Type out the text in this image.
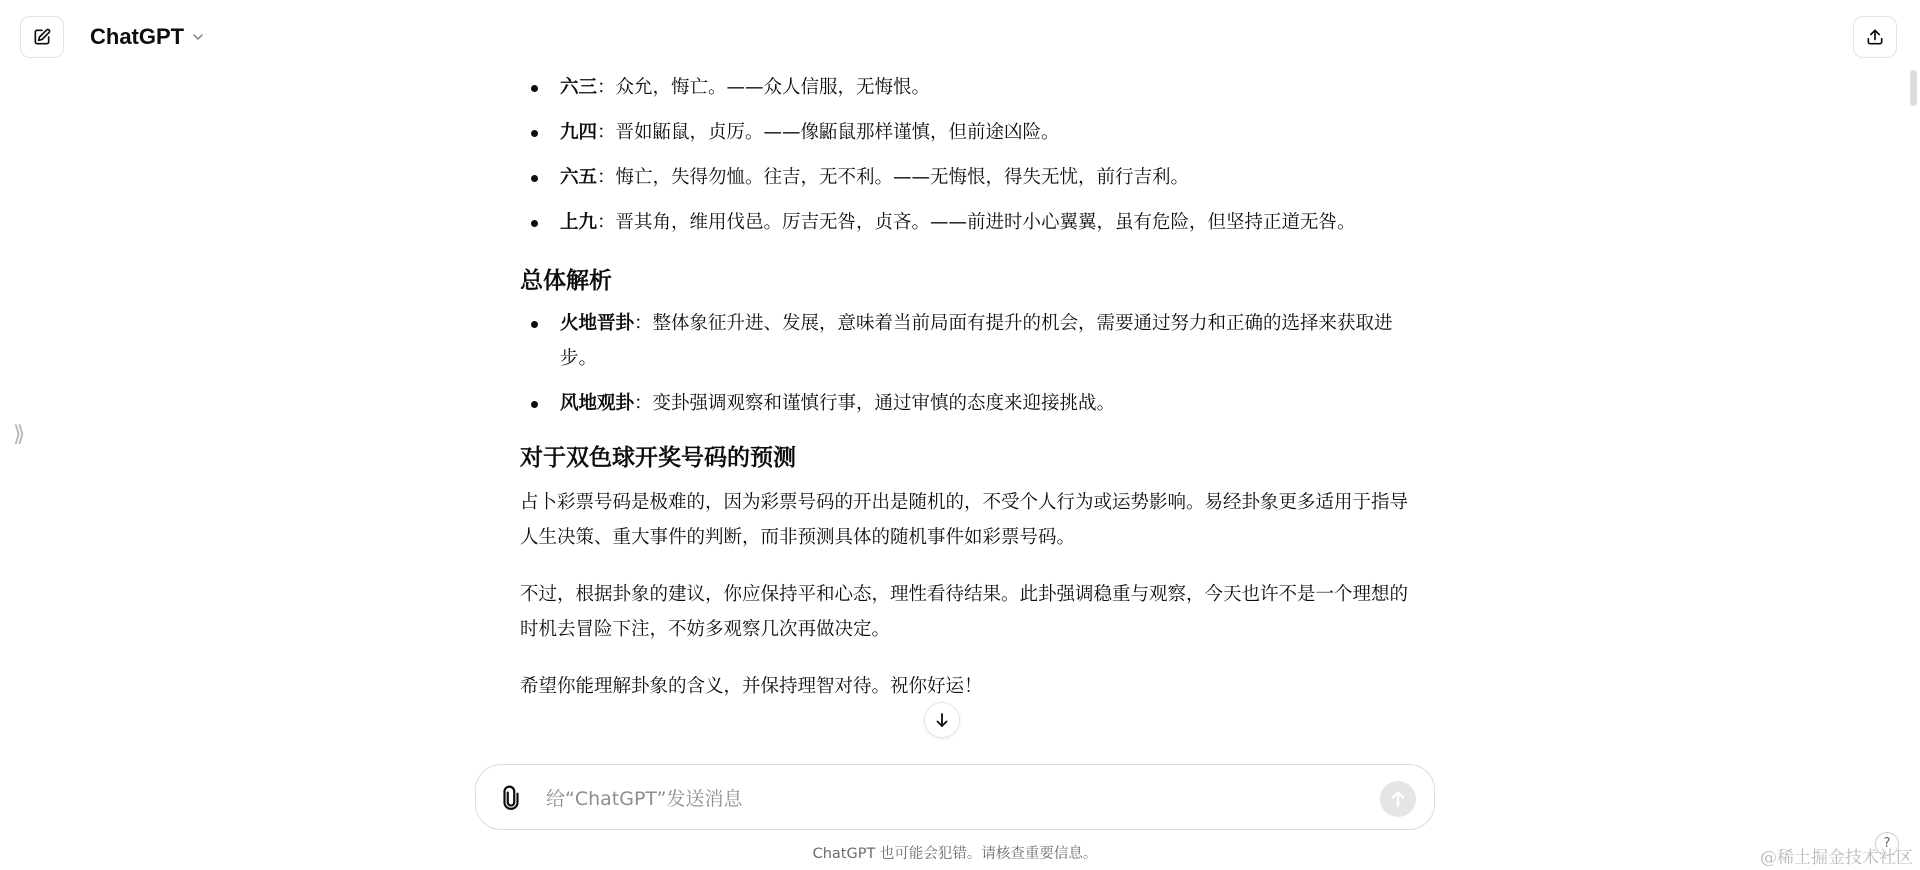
ChatGPT
⟫
六三：众允，悔亡。——众人信服，无悔恨。
九四：晋如鼫鼠，贞厉。——像鼫鼠那样谨慎，但前途凶险。
六五：悔亡，失得勿恤。往吉，无不利。——无悔恨，得失无忧，前行吉利。
上九：晋其角，维用伐邑。厉吉无咎，贞吝。——前进时小心翼翼，虽有危险，但坚持正道无咎。
总体解析
火地晋卦：整体象征升进、发展，意味着当前局面有提升的机会，需要通过努力和正确的选择来获取进步。
风地观卦：变卦强调观察和谨慎行事，通过审慎的态度来迎接挑战。
对于双色球开奖号码的预测

占卜彩票号码是极难的，因为彩票号码的开出是随机的，不受个人行为或运势影响。易经卦象更多适用于指导人生决策、重大事件的判断，而非预测具体的随机事件如彩票号码。

不过，根据卦象的建议，你应保持平和心态，理性看待结果。此卦强调稳重与观察，今天也许不是一个理想的时机去冒险下注，不妨多观察几次再做决定。

希望你能理解卦象的含义，并保持理智对待。祝你好运！

给“ChatGPT”发送消息
ChatGPT 也可能会犯错。请核查重要信息。
?
@稀土掘金技术社区
